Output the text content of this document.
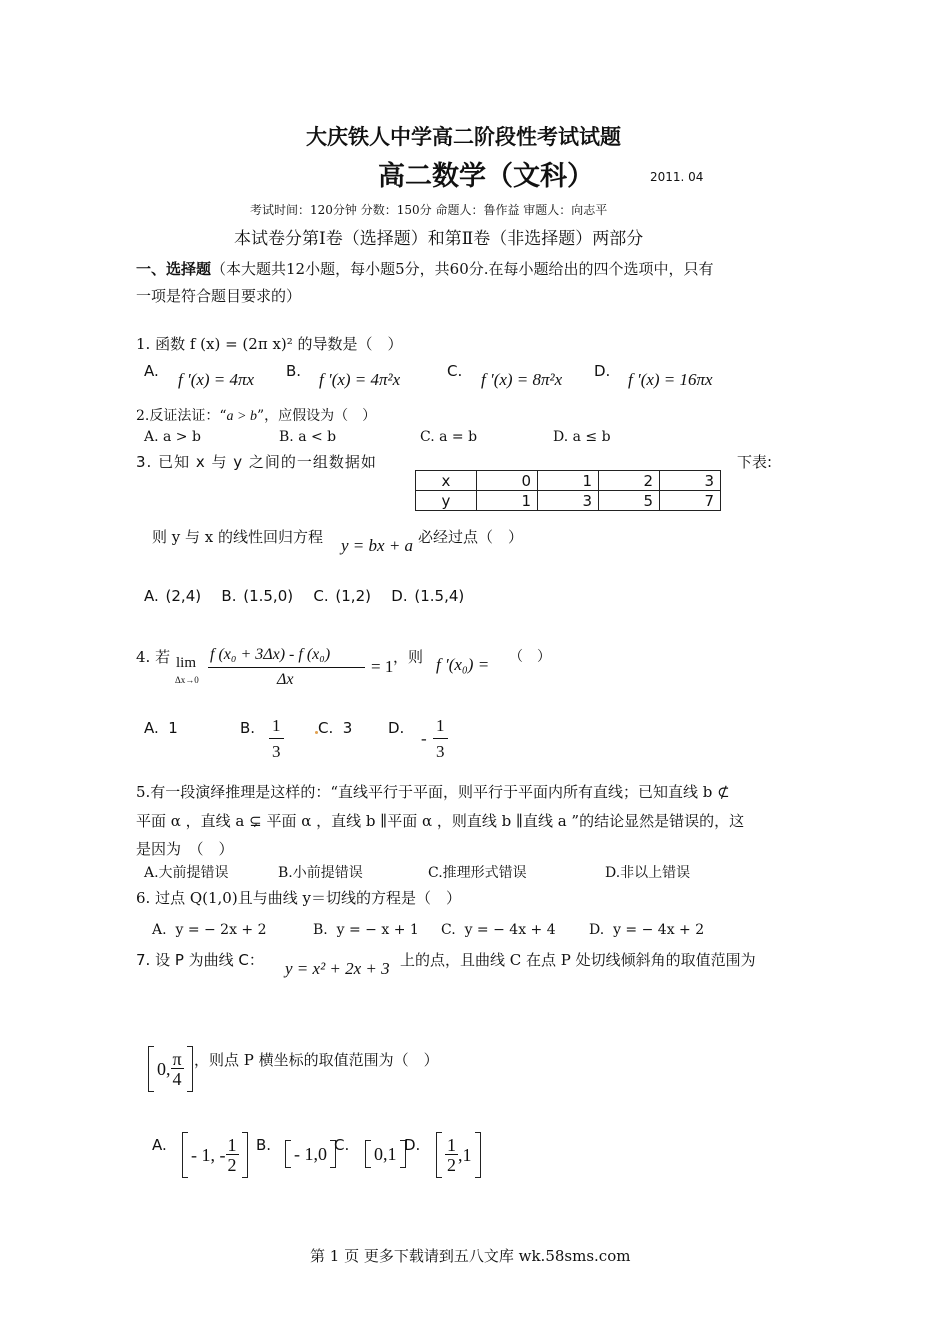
大庆铁人中学高二阶段性考试试题
高二数学（文科）	2011. 04
考试时间：120分钟 分数：150分 命题人：鲁作益 审题人：向志平
本试卷分第Ⅰ卷（选择题）和第Ⅱ卷（非选择题）两部分
一、选择题（本大题共12小题，每小题5分，共60分.在每小题给出的四个选项中，只有
一项是符合题目要求的）
1. 函数 f (x) = (2π x)² 的导数是（　）
A. f ′(x) = 4πx B. f ′(x) = 4π²x	C. f ′(x) = 8π²x D. f ′(x) = 16πx
2.反证法证：“a > b”，应假设为（　）
A. a > b	B. a < b	C. a = b	D. a ≤ b
3. 已知 x 与 y 之间的一组数据如	下表:
x	0	1	2	3
y	1	3	5	7
则 y 与 x 的线性回归方程 y = bx + a 必经过点（　）
A. (2,4)   B. (1.5,0)   C. (1,2)   D. (1.5,4)
4. 若 lim
Δx→0
f (x₀ + 3Δx) - f (x₀)
Δx
= 1 ，则 f ′(x₀) = （　）
A.  1	B. 1
3
C.  3 D.
-
1
3
5.有一段演绎推理是这样的：“直线平行于平面，则平行于平面内所有直线；已知直线 b ⊄
平面 α ，直线 a ⊊ 平面 α ，直线 b ∥平面 α ，则直线 b ∥直线 a ”的结论显然是错误的，这
是因为　（　）
A.大前提错误	B.小前提错误	C.推理形式错误	D.非以上错误
6. 过点 Q(1,0)且与曲线 y＝切线的方程是（　）
A.  y = − 2x + 2	B.  y = − x + 1 C.  y = − 4x + 4 D.  y = − 4x + 2
7. 设 P 为曲线 C： y = x² + 2x + 3 上的点，且曲线 C 在点 P 处切线倾斜角的取值范围为
0, $\frac{\pi}{4}$ ，则点 P 横坐标的取值范围为（　）
A. - 1, - $\frac{1}{2} B$. - 1,0 C. 0,1 D. $\frac{1}{2} ,1$
第 1 页 更多下载请到五八文库 wk.58sms.com
